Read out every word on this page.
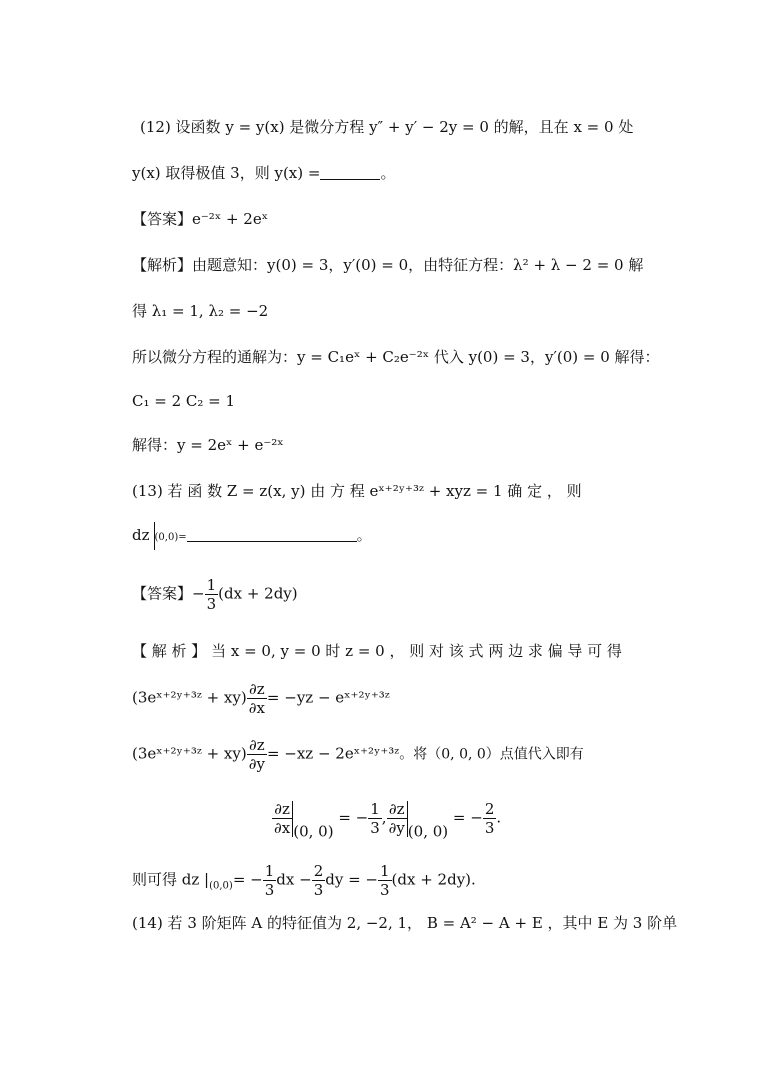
(12) 设函数 y = y(x) 是微分方程 y″ + y′ − 2y = 0 的解，且在 x = 0 处
y(x) 取得极值 3，则 y(x) =	。
【答案】e⁻²ˣ + 2eˣ
【解析】由题意知：y(0) = 3，y′(0) = 0，由特征方程：λ² + λ − 2 = 0 解
得 λ₁ = 1, λ₂ = −2
所以微分方程的通解为：y = C₁eˣ + C₂e⁻²ˣ 代入 y(0) = 3，y′(0) = 0 解得：
C₁ = 2 C₂ = 1
解得：y = 2eˣ + e⁻²ˣ
(13) 若 函 数 Z = z(x, y) 由 方 程 eˣ⁺²ʸ⁺³ᶻ + xyz = 1 确 定 ， 则
dz (0,0)=	。
【答案】− $\frac{1}{3} (dx + 2dy)$
【 解 析 】 当 x = 0, y = 0 时 z = 0 ， 则 对 该 式 两 边 求 偏 导 可 得
(3eˣ⁺²ʸ⁺³ᶻ + $xy) \frac{\partial z}{\partial x} = -yz$ − eˣ⁺²ʸ⁺³ᶻ
(3eˣ⁺²ʸ⁺³ᶻ + $xy) \frac{\partial z}{\partial y} = -xz$ − 2eˣ⁺²ʸ⁺³ᶻ。将（0, 0, 0）点值代入即有
$\frac{\partial z}{\partial x} (0$, 0) = − $\frac{1}{3}$ , $\frac{\partial z}{\partial y} (0$, 0) = − $\frac{2}{3}$ .
则可得 dz $|_{(0,0)}= - \frac{1}{3}$ dx − $\frac{2}{3}$ dy = − $\frac{1}{3} (dx + 2dy)$.
(14) 若 3 阶矩阵 A 的特征值为 2, −2, 1， B = A² − A + E ，其中 E 为 3 阶单
